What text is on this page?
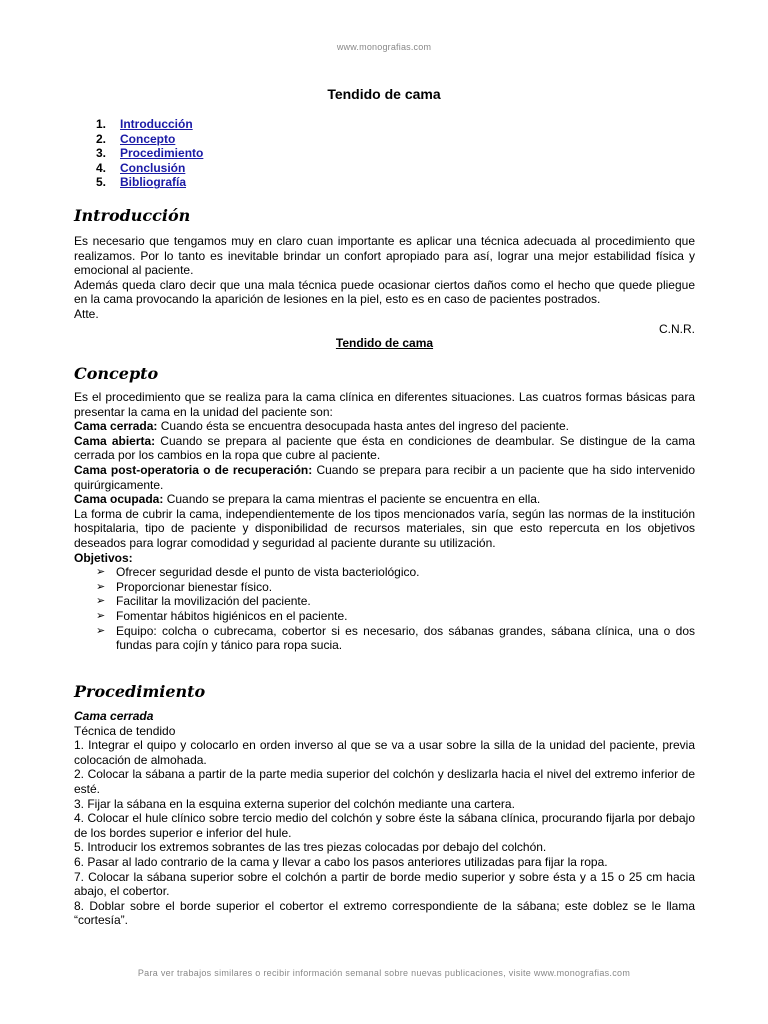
www.monografias.com
Tendido de cama
1. Introducción
2. Concepto
3. Procedimiento
4. Conclusión
5. Bibliografía
Introducción

Es necesario que tengamos muy en claro cuan importante es aplicar una técnica adecuada al procedimiento que realizamos. Por lo tanto es inevitable brindar un confort apropiado para así, lograr una mejor estabilidad física y emocional al paciente.

Además queda claro decir que una mala técnica puede ocasionar ciertos daños como el hecho que quede pliegue en la cama provocando la aparición de lesiones en la piel, esto es en caso de pacientes postrados.

Atte.

C.N.R.

Tendido de cama

Concepto

Es el procedimiento que se realiza para la cama clínica en diferentes situaciones. Las cuatros formas básicas para presentar la cama en la unidad del paciente son:

Cama cerrada: Cuando ésta se encuentra desocupada hasta antes del ingreso del paciente.

Cama abierta: Cuando se prepara al paciente que ésta en condiciones de deambular. Se distingue de la cama cerrada por los cambios en la ropa que cubre al paciente.

Cama post-operatoria o de recuperación: Cuando se prepara para recibir a un paciente que ha sido intervenido quirúrgicamente.

Cama ocupada: Cuando se prepara la cama mientras el paciente se encuentra en ella.

La forma de cubrir la cama, independientemente de los tipos mencionados varía, según las normas de la institución hospitalaria, tipo de paciente y disponibilidad de recursos materiales, sin que esto repercuta en los objetivos deseados para lograr comodidad y seguridad al paciente durante su utilización.

Objetivos:

➢ Ofrecer seguridad desde el punto de vista bacteriológico.
➢ Proporcionar bienestar físico.
➢ Facilitar la movilización del paciente.
➢ Fomentar hábitos higiénicos en el paciente.
➢ Equipo: colcha o cubrecama, cobertor si es necesario, dos sábanas grandes, sábana clínica, una o dos fundas para cojín y tánico para ropa sucia.
Procedimiento

Cama cerrada

Técnica de tendido

1. Integrar el quipo y colocarlo en orden inverso al que se va a usar sobre la silla de la unidad del paciente, previa colocación de almohada.

2. Colocar la sábana a partir de la parte media superior del colchón y deslizarla hacia el nivel del extremo inferior de esté.

3. Fijar la sábana en la esquina externa superior del colchón mediante una cartera.

4. Colocar el hule clínico sobre tercio medio del colchón y sobre éste la sábana clínica, procurando fijarla por debajo de los bordes superior e inferior del hule.

5. Introducir los extremos sobrantes de las tres piezas colocadas por debajo del colchón.

6. Pasar al lado contrario de la cama y llevar a cabo los pasos anteriores utilizadas para fijar la ropa.

7. Colocar la sábana superior sobre el colchón a partir de borde medio superior y sobre ésta y a 15 o 25 cm hacia abajo, el cobertor.

8. Doblar sobre el borde superior el cobertor el extremo correspondiente de la sábana; este doblez se le llama “cortesía”.

Para ver trabajos similares o recibir información semanal sobre nuevas publicaciones, visite www.monografias.com
